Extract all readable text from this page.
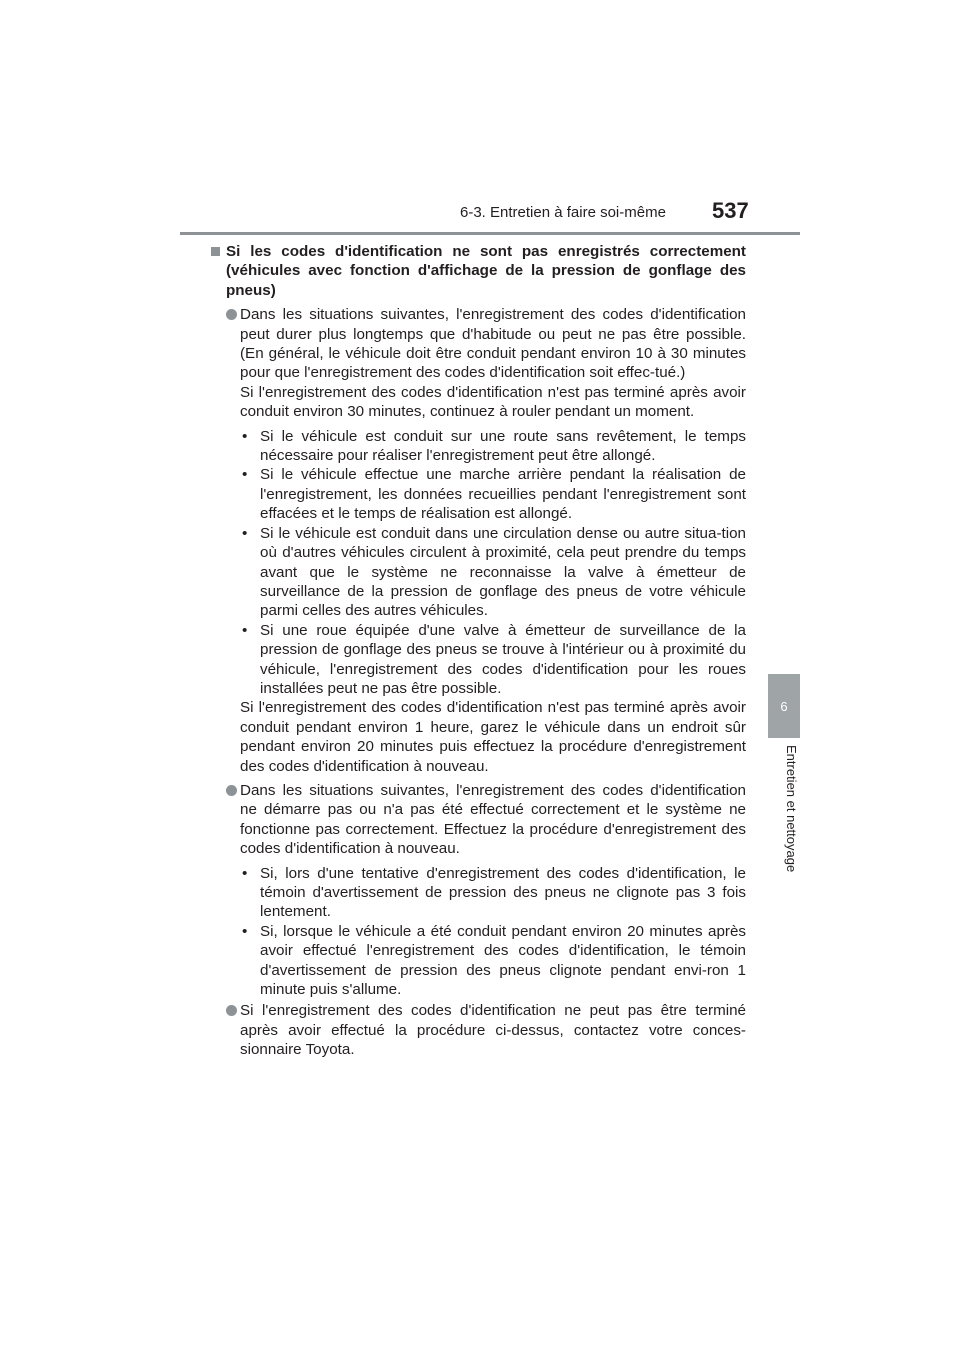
6-3. Entretien à faire soi-même 537
6
Entretien et nettoyage
Si les codes d'identification ne sont pas enregistrés correctement (véhicules avec fonction d'affichage de la pression de gonflage des pneus)

Dans les situations suivantes, l'enregistrement des codes d'identification peut durer plus longtemps que d'habitude ou peut ne pas être possible. (En général, le véhicule doit être conduit pendant environ 10 à 30 minutes pour que l'enregistrement des codes d'identification soit effec-tué.)

Si l'enregistrement des codes d'identification n'est pas terminé après avoir conduit environ 30 minutes, continuez à rouler pendant un moment.

• Si le véhicule est conduit sur une route sans revêtement, le temps nécessaire pour réaliser l'enregistrement peut être allongé.
• Si le véhicule effectue une marche arrière pendant la réalisation de l'enregistrement, les données recueillies pendant l'enregistrement sont effacées et le temps de réalisation est allongé.
• Si le véhicule est conduit dans une circulation dense ou autre situa-tion où d'autres véhicules circulent à proximité, cela peut prendre du temps avant que le système ne reconnaisse la valve à émetteur de surveillance de la pression de gonflage des pneus de votre véhicule parmi celles des autres véhicules.
• Si une roue équipée d'une valve à émetteur de surveillance de la pression de gonflage des pneus se trouve à l'intérieur ou à proximité du véhicule, l'enregistrement des codes d'identification pour les roues installées peut ne pas être possible.

Si l'enregistrement des codes d'identification n'est pas terminé après avoir conduit pendant environ 1 heure, garez le véhicule dans un endroit sûr pendant environ 20 minutes puis effectuez la procédure d'enregistrement des codes d'identification à nouveau.

Dans les situations suivantes, l'enregistrement des codes d'identification ne démarre pas ou n'a pas été effectué correctement et le système ne fonctionne pas correctement. Effectuez la procédure d'enregistrement des codes d'identification à nouveau.

• Si, lors d'une tentative d'enregistrement des codes d'identification, le témoin d'avertissement de pression des pneus ne clignote pas 3 fois lentement.
• Si, lorsque le véhicule a été conduit pendant environ 20 minutes après avoir effectué l'enregistrement des codes d'identification, le témoin d'avertissement de pression des pneus clignote pendant envi-ron 1 minute puis s'allume.

Si l'enregistrement des codes d'identification ne peut pas être terminé après avoir effectué la procédure ci-dessus, contactez votre conces-sionnaire Toyota.
